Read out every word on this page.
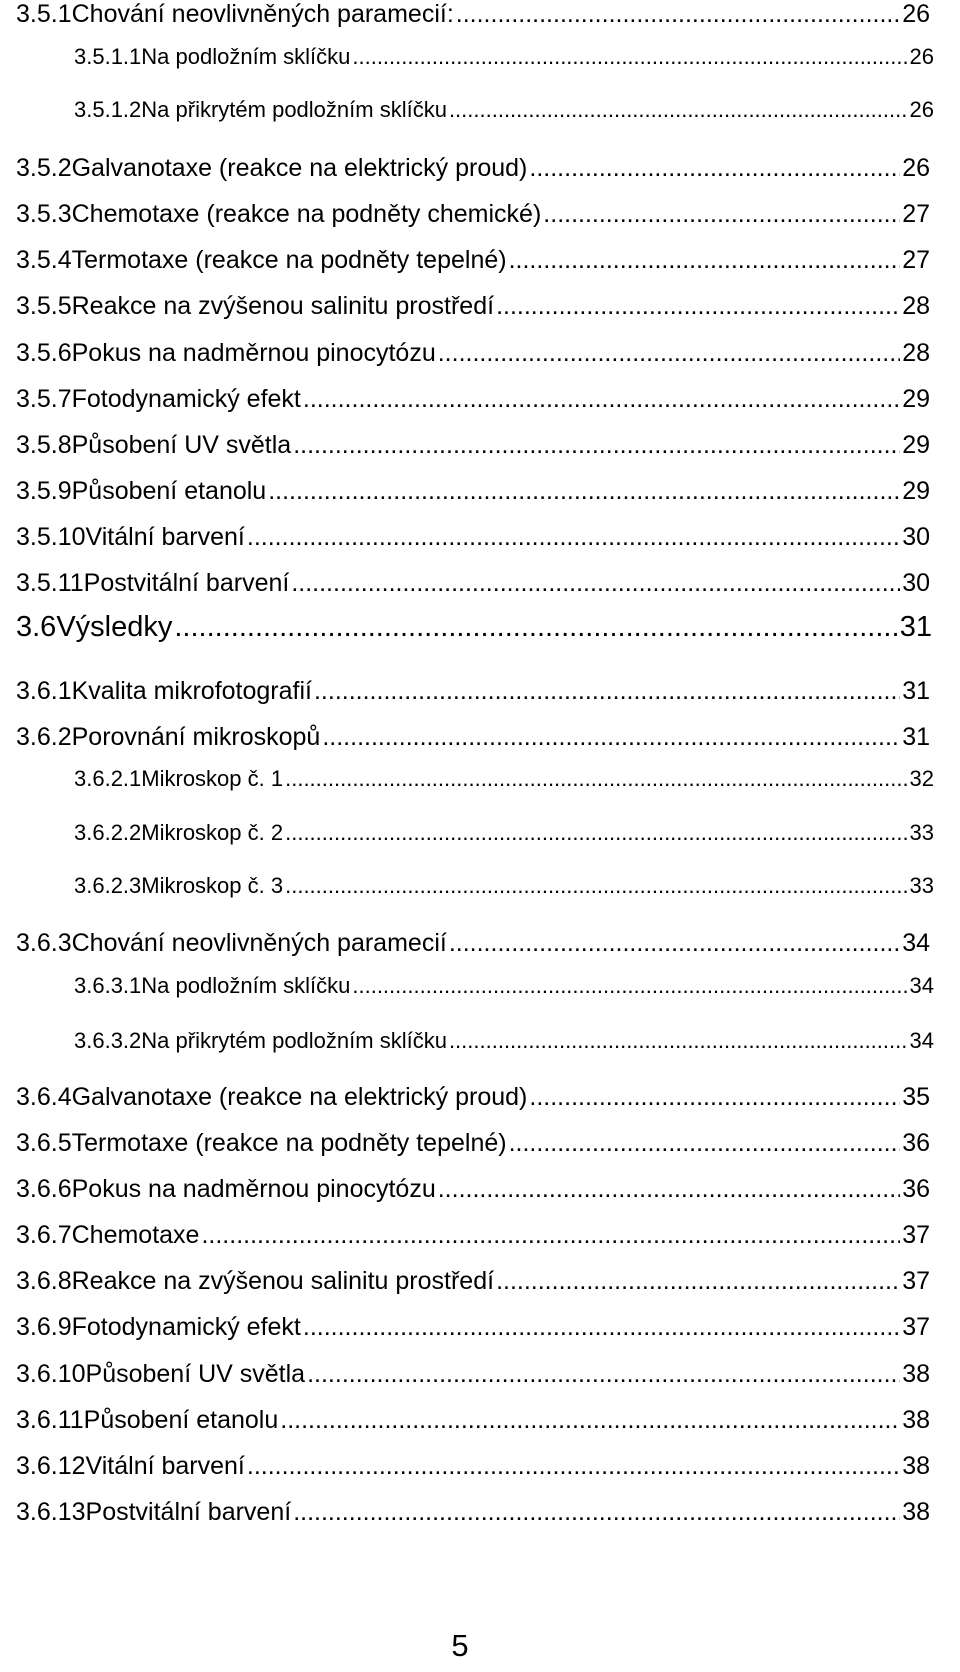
3.5.1 Chování neovlivněných paramecií: .....	26
3.5.1.1 Na podložním sklíčku .....	26
3.5.1.2 Na přikrytém podložním sklíčku .....	26
3.5.2 Galvanotaxe (reakce na elektrický proud) .....	26
3.5.3 Chemotaxe (reakce na podněty chemické) .....	27
3.5.4 Termotaxe (reakce na podněty tepelné) .....	27
3.5.5 Reakce na zvýšenou salinitu prostředí .....	28
3.5.6 Pokus na nadměrnou pinocytózu .....	28
3.5.7 Fotodynamický efekt .....	29
3.5.8 Působení UV světla .....	29
3.5.9 Působení etanolu .....	29
3.5.10 Vitální barvení .....	30
3.5.11 Postvitální barvení .....	30
3.6 Výsledky .....	31
3.6.1 Kvalita mikrofotografií .....	31
3.6.2 Porovnání mikroskopů .....	31
3.6.2.1 Mikroskop č. 1 .....	32
3.6.2.2 Mikroskop č. 2 .....	33
3.6.2.3 Mikroskop č. 3 .....	33
3.6.3 Chování neovlivněných paramecií .....	34
3.6.3.1 Na podložním sklíčku .....	34
3.6.3.2 Na přikrytém podložním sklíčku .....	34
3.6.4 Galvanotaxe (reakce na elektrický proud) .....	35
3.6.5 Termotaxe (reakce na podněty tepelné) .....	36
3.6.6 Pokus na nadměrnou pinocytózu .....	36
3.6.7 Chemotaxe .....	37
3.6.8 Reakce na zvýšenou salinitu prostředí .....	37
3.6.9 Fotodynamický efekt .....	37
3.6.10 Působení UV světla .....	38
3.6.11 Působení etanolu .....	38
3.6.12 Vitální barvení .....	38
3.6.13 Postvitální barvení .....	38
5
